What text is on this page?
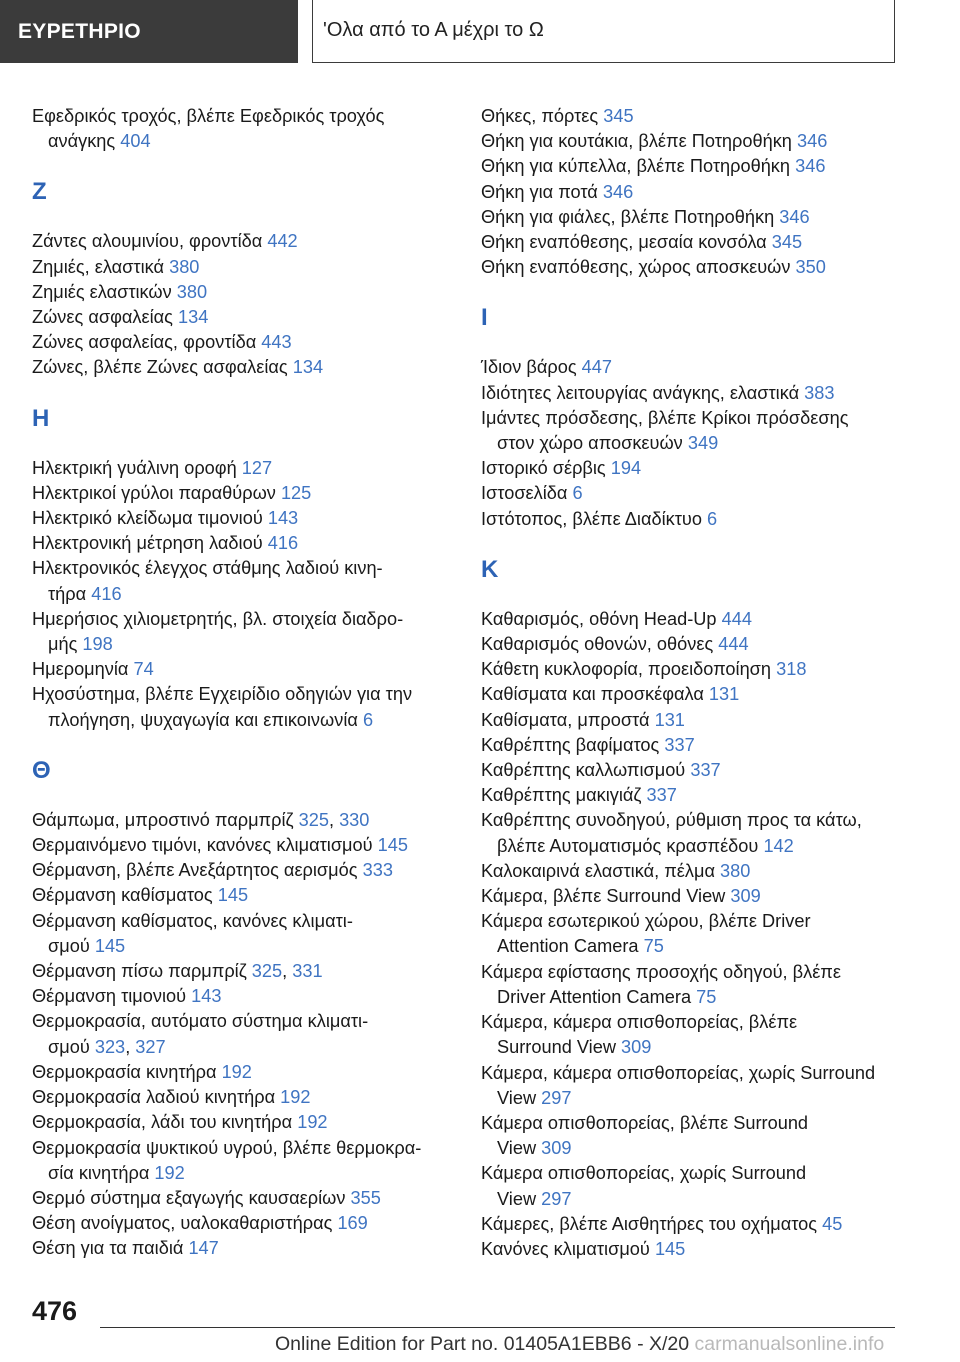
ΕΥΡΕΤΗΡΙΟ	'Ολα από το Α μέχρι το Ω

Εφεδρικός τροχός, βλέπε Εφεδρικός τροχός
ανάγκης 404

Ζ

Ζάντες αλουμινίου, φροντίδα 442

Ζημιές, ελαστικά 380

Ζημιές ελαστικών 380

Ζώνες ασφαλείας 134

Ζώνες ασφαλείας, φροντίδα 443

Ζώνες, βλέπε Ζώνες ασφαλείας 134

Η

Ηλεκτρική γυάλινη οροφή 127

Ηλεκτρικοί γρύλοι παραθύρων 125

Ηλεκτρικό κλείδωμα τιμονιού 143

Ηλεκτρονική μέτρηση λαδιού 416

Ηλεκτρονικός έλεγχος στάθμης λαδιού κινη-
τήρα 416

Ημερήσιος χιλιομετρητής, βλ. στοιχεία διαδρο-
μής 198

Ημερομηνία 74

Ηχοσύστημα, βλέπε Εγχειρίδιο οδηγιών για την
πλοήγηση, ψυχαγωγία και επικοινωνία 6

Θ

Θάμπωμα, μπροστινό παρμπρίζ 325, 330

Θερμαινόμενο τιμόνι, κανόνες κλιματισμού 145

Θέρμανση, βλέπε Ανεξάρτητος αερισμός 333

Θέρμανση καθίσματος 145

Θέρμανση καθίσματος, κανόνες κλιματι-
σμού 145

Θέρμανση πίσω παρμπρίζ 325, 331

Θέρμανση τιμονιού 143

Θερμοκρασία, αυτόματο σύστημα κλιματι-
σμού 323, 327

Θερμοκρασία κινητήρα 192

Θερμοκρασία λαδιού κινητήρα 192

Θερμοκρασία, λάδι του κινητήρα 192

Θερμοκρασία ψυκτικού υγρού, βλέπε θερμοκρα-
σία κινητήρα 192

Θερμό σύστημα εξαγωγής καυσαερίων 355

Θέση ανοίγματος, υαλοκαθαριστήρας 169

Θέση για τα παιδιά 147

Θήκες, πόρτες 345

Θήκη για κουτάκια, βλέπε Ποτηροθήκη 346

Θήκη για κύπελλα, βλέπε Ποτηροθήκη 346

Θήκη για ποτά 346

Θήκη για φιάλες, βλέπε Ποτηροθήκη 346

Θήκη εναπόθεσης, μεσαία κονσόλα 345

Θήκη εναπόθεσης, χώρος αποσκευών 350

Ι

Ίδιον βάρος 447

Ιδιότητες λειτουργίας ανάγκης, ελαστικά 383

Ιμάντες πρόσδεσης, βλέπε Κρίκοι πρόσδεσης
στον χώρο αποσκευών 349

Ιστορικό σέρβις 194

Ιστοσελίδα 6

Ιστότοπος, βλέπε Διαδίκτυο 6

Κ

Καθαρισμός, οθόνη Head-Up 444

Καθαρισμός οθονών, οθόνες 444

Κάθετη κυκλοφορία, προειδοποίηση 318

Καθίσματα και προσκέφαλα 131

Καθίσματα, μπροστά 131

Καθρέπτης βαφίματος 337

Καθρέπτης καλλωπισμού 337

Καθρέπτης μακιγιάζ 337

Καθρέπτης συνοδηγού, ρύθμιση προς τα κάτω,
βλέπε Αυτοματισμός κρασπέδου 142

Καλοκαιρινά ελαστικά, πέλμα 380

Κάμερα, βλέπε Surround View 309

Κάμερα εσωτερικού χώρου, βλέπε Driver
Attention Camera 75

Κάμερα εφίστασης προσοχής οδηγού, βλέπε
Driver Attention Camera 75

Κάμερα, κάμερα οπισθοπορείας, βλέπε
Surround View 309

Κάμερα, κάμερα οπισθοπορείας, χωρίς Surround
View 297

Κάμερα οπισθοπορείας, βλέπε Surround
View 309

Κάμερα οπισθοπορείας, χωρίς Surround
View 297

Κάμερες, βλέπε Αισθητήρες του οχήματος 45

Κανόνες κλιματισμού 145

476
Online Edition for Part no. 01405A1EBB6 - X/20 carmanualsonline.info
